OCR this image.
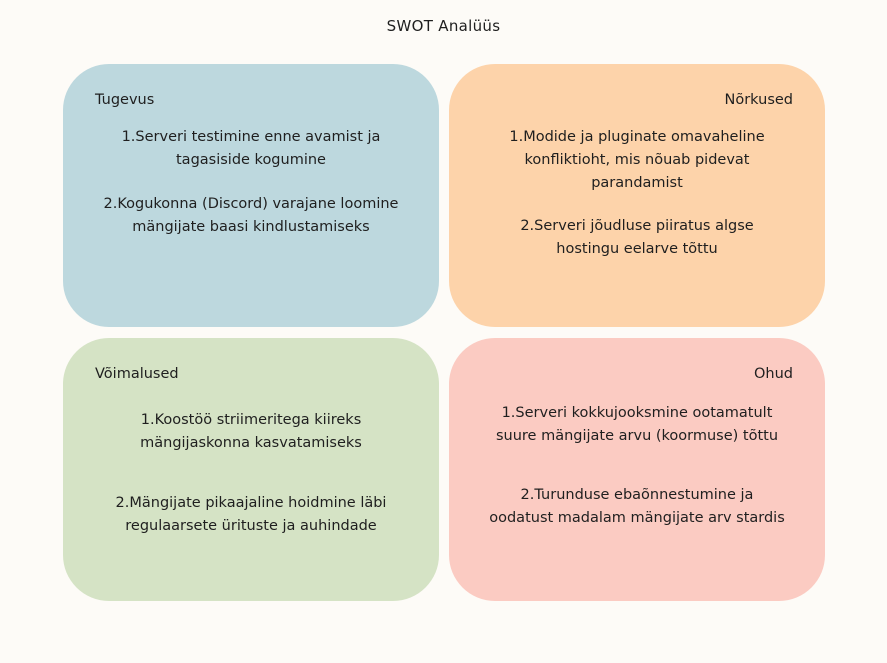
SWOT Analüüs
Tugevus
1.Serveri testimine enne avamist ja tagasiside kogumine
2.Kogukonna (Discord) varajane loomine mängijate baasi kindlustamiseks
Nõrkused
1.Modide ja pluginate omavaheline konfliktioht, mis nõuab pidevat parandamist
2.Serveri jõudluse piiratus algse hostingu eelarve tõttu
Võimalused
1.Koostöö striimeritega kiireks mängijaskonna kasvatamiseks
2.Mängijate pikaajaline hoidmine läbi regulaarsete ürituste ja auhindade
Ohud
1.Serveri kokkujooksmine ootamatult suure mängijate arvu (koormuse) tõttu
2.Turunduse ebaõnnestumine ja oodatust madalam mängijate arv stardis
